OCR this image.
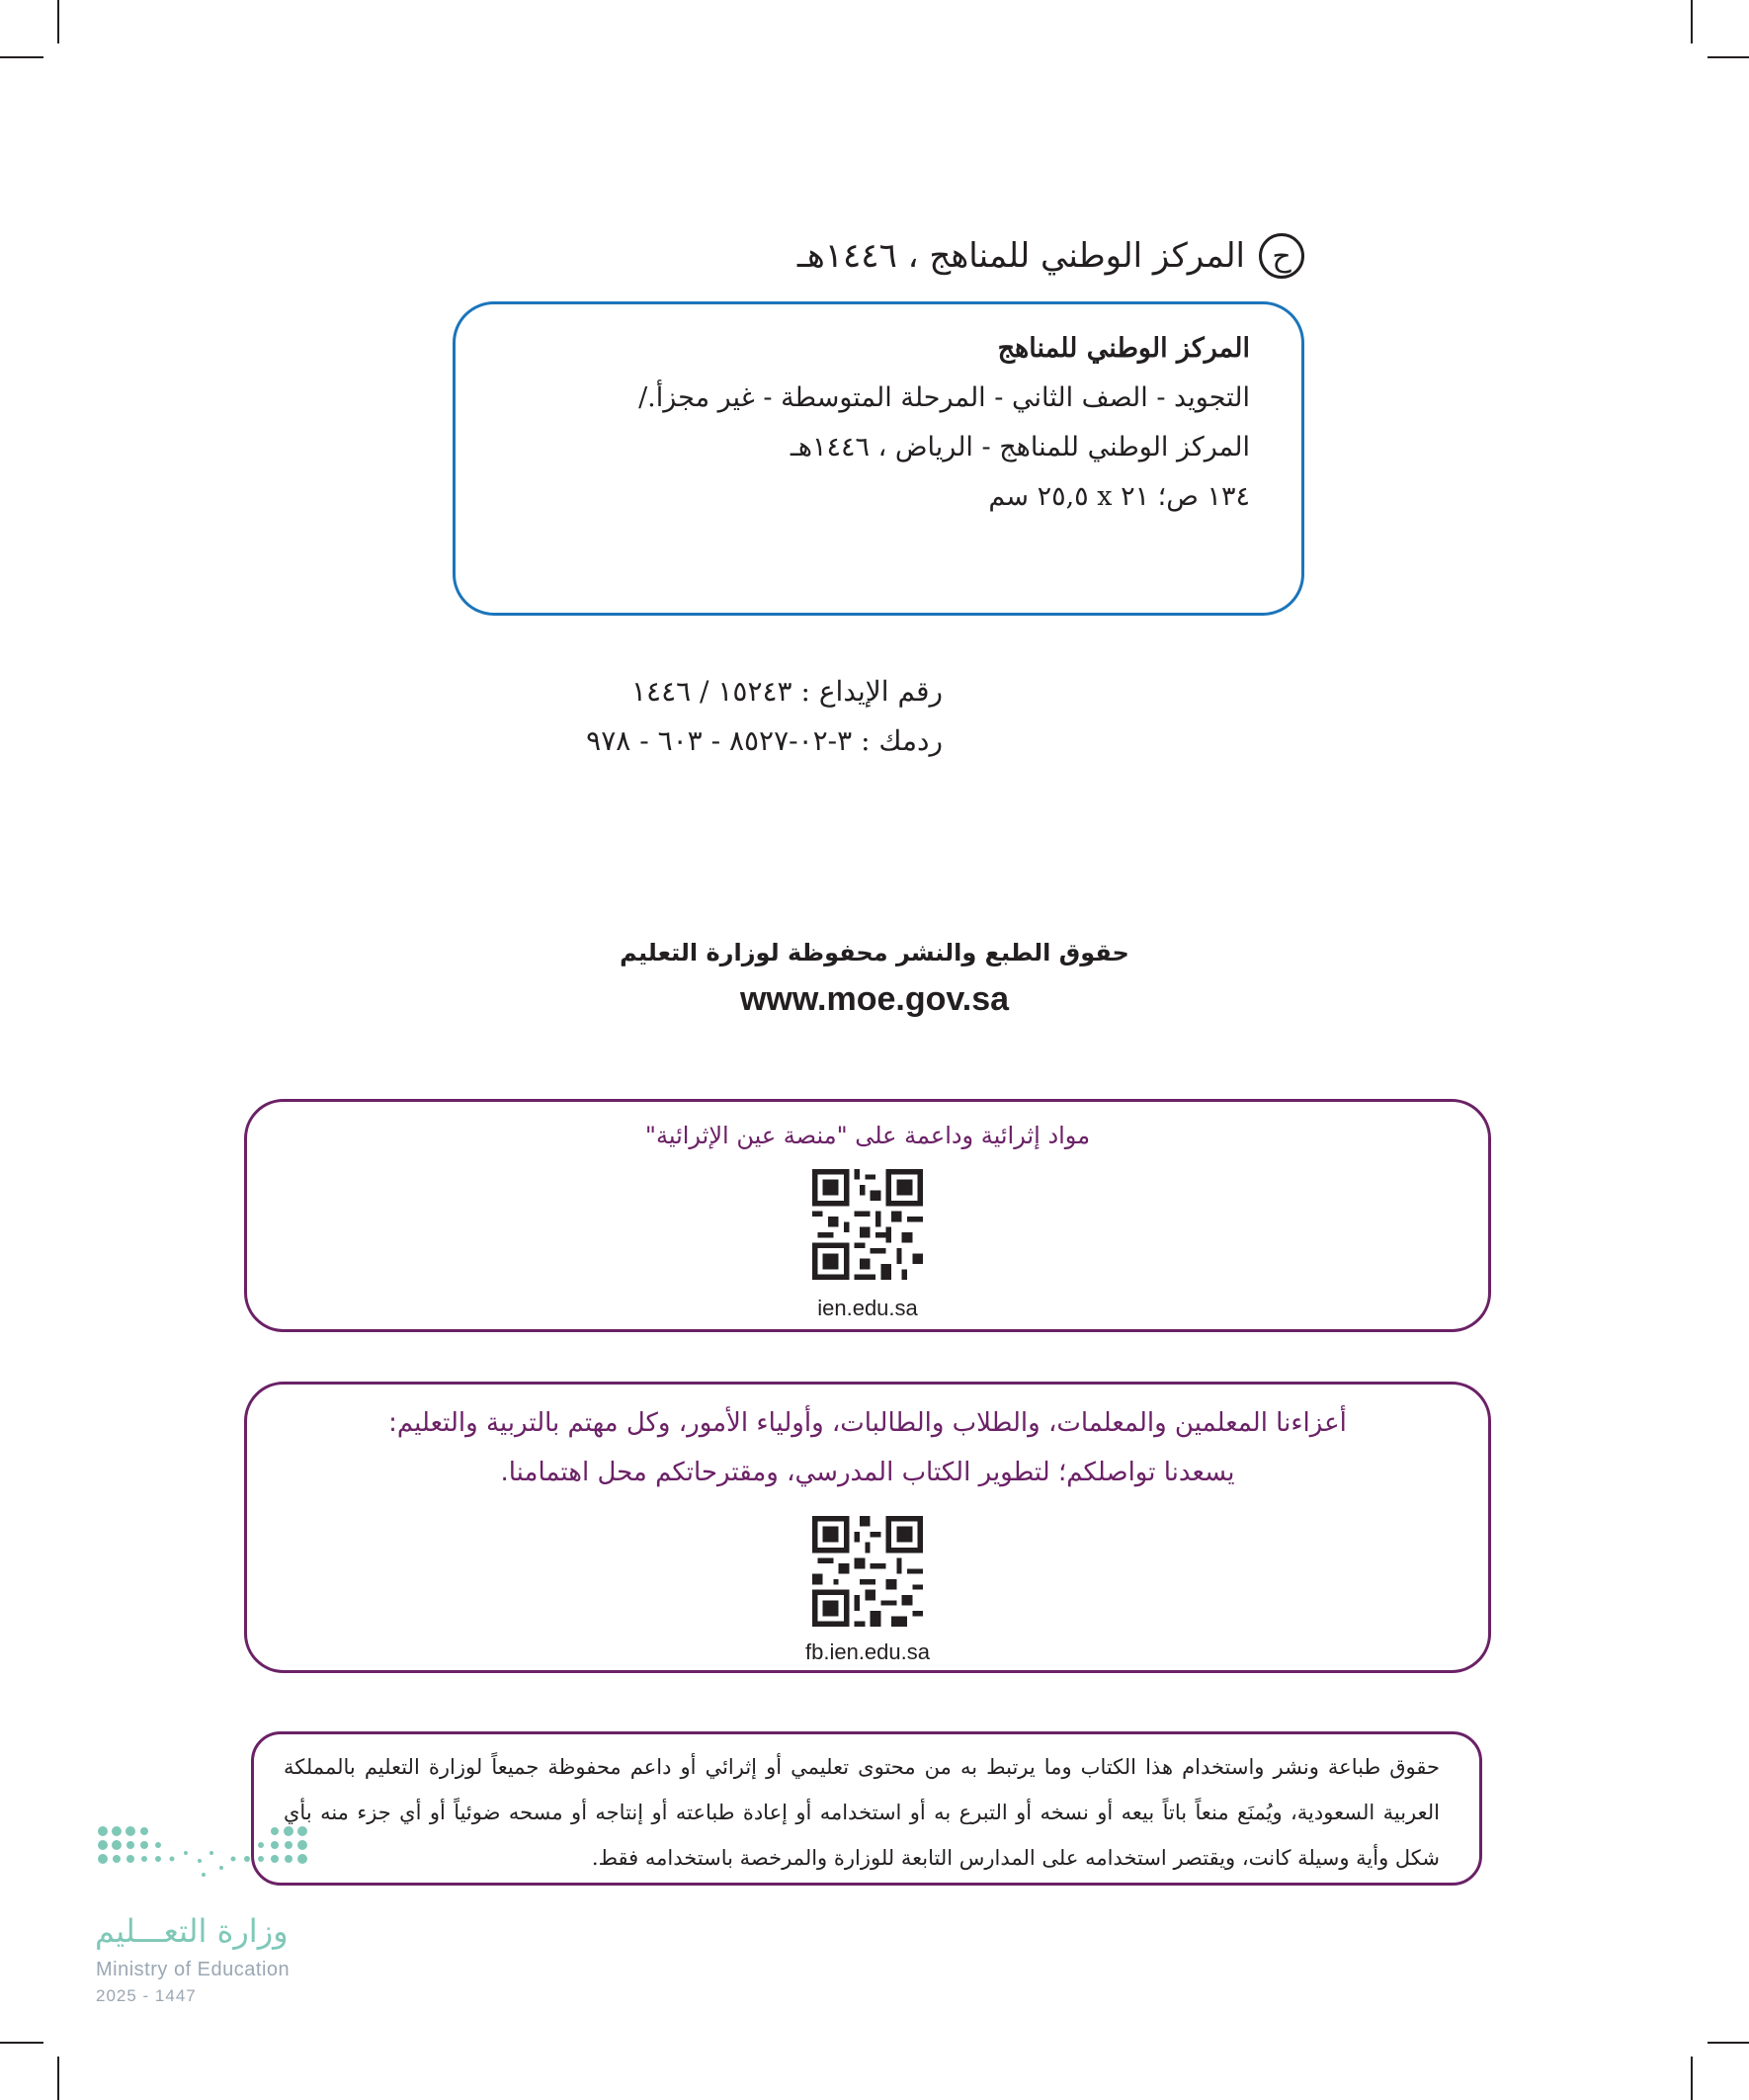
ح
المركز الوطني للمناهج ، ١٤٤٦هـ
المركز الوطني للمناهج
التجويد - الصف الثاني - المرحلة المتوسطة - غير مجزأ./
المركز الوطني للمناهج - الرياض ، ١٤٤٦هـ
١٣٤ ص؛ ٢١ x ٢٥,٥ سم
رقم الإيداع : ١٥٢٤٣ / ١٤٤٦
ردمك : ٣-٠٢-٨٥٢٧ - ٦٠٣ - ٩٧٨
حقوق الطبع والنشر محفوظة لوزارة التعليم
www.moe.gov.sa
مواد إثرائية وداعمة على "منصة عين الإثرائية"
ien.edu.sa
أعزاءنا المعلمين والمعلمات، والطلاب والطالبات، وأولياء الأمور، وكل مهتم بالتربية والتعليم:
يسعدنا تواصلكم؛ لتطوير الكتاب المدرسي، ومقترحاتكم محل اهتمامنا.
fb.ien.edu.sa
حقوق طباعة ونشر واستخدام هذا الكتاب وما يرتبط به من محتوى تعليمي أو إثرائي أو داعم محفوظة جميعاً لوزارة التعليم بالمملكة العربية السعودية، ويُمنَع منعاً باتاً بيعه أو نسخه أو التبرع به أو استخدامه أو إعادة طباعته أو إنتاجه أو مسحه ضوئياً أو أي جزء منه بأي شكل وأية وسيلة كانت، ويقتصر استخدامه على المدارس التابعة للوزارة والمرخصة باستخدامه فقط.
وزارة التعـــليم
Ministry of Education
2025 - 1447
